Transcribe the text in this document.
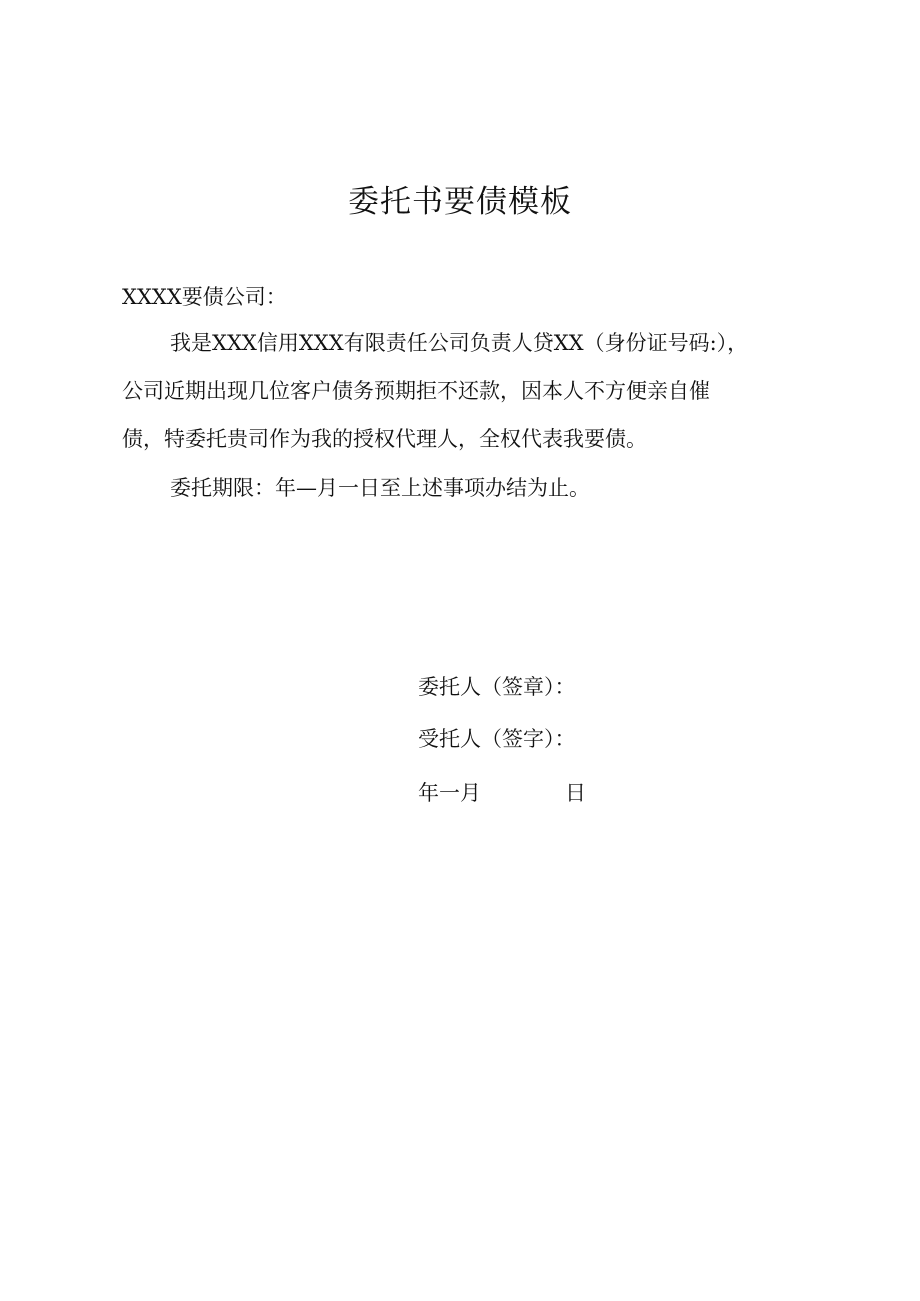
委托书要债模板

XXXX要债公司：

我是XXX信用XXX有限责任公司负责人贷XX（身份证号码:），

公司近期出现几位客户债务预期拒不还款，因本人不方便亲自催

债，特委托贵司作为我的授权代理人，全权代表我要债。

委托期限：年—月一日至上述事项办结为止。

委托人（签章）：

受托人（签字）：

年一月	日
